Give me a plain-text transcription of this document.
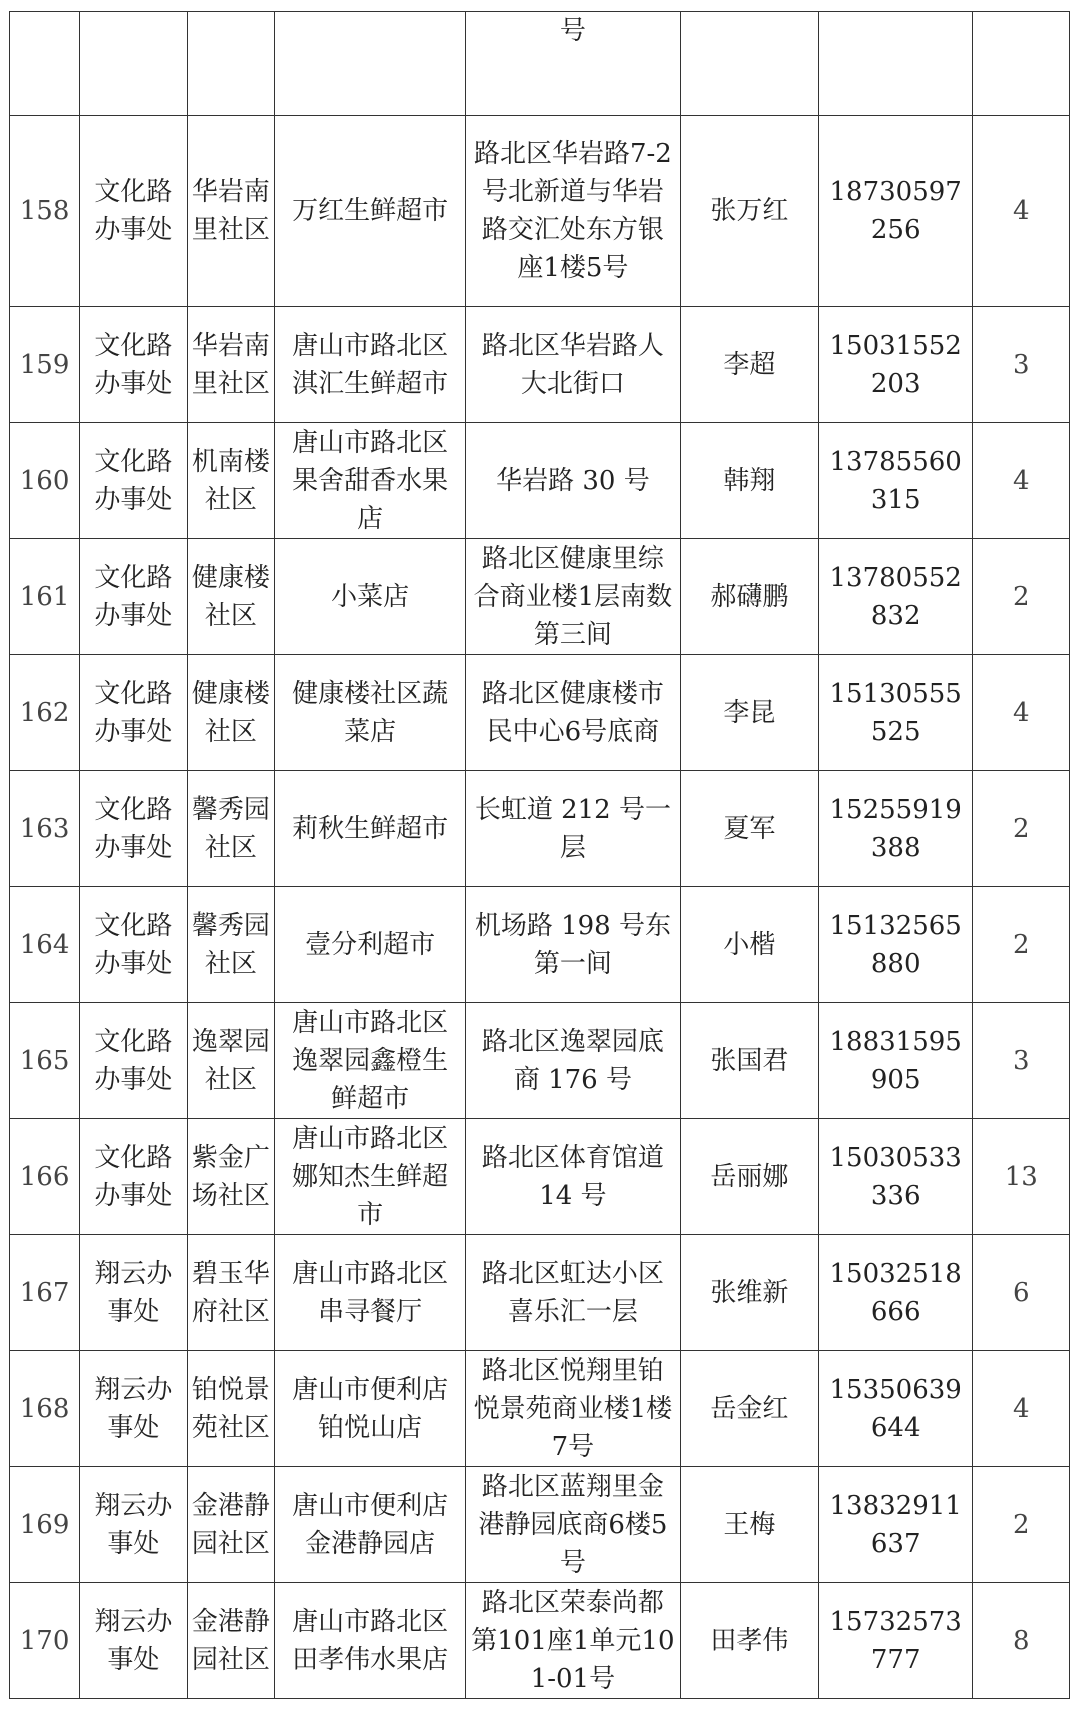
				号			
158	文化路办事处	华岩南里社区	万红生鲜超市	路北区华岩路7-2号北新道与华岩路交汇处东方银座1楼5号	张万红	18730597256	4
159	文化路办事处	华岩南里社区	唐山市路北区淇汇生鲜超市	路北区华岩路人大北街口	李超	15031552203	3
160	文化路办事处	机南楼社区	唐山市路北区果舍甜香水果店	华岩路 30 号	韩翔	13785560315	4
161	文化路办事处	健康楼社区	小菜店	路北区健康里综合商业楼1层南数第三间	郝礴鹏	13780552832	2
162	文化路办事处	健康楼社区	健康楼社区蔬菜店	路北区健康楼市民中心6号底商	李昆	15130555525	4
163	文化路办事处	馨秀园社区	莉秋生鲜超市	长虹道 212 号一层	夏军	15255919388	2
164	文化路办事处	馨秀园社区	壹分利超市	机场路 198 号东第一间	小楷	15132565880	2
165	文化路办事处	逸翠园社区	唐山市路北区逸翠园鑫橙生鲜超市	路北区逸翠园底商 176 号	张国君	18831595905	3
166	文化路办事处	紫金广场社区	唐山市路北区娜知杰生鲜超市	路北区体育馆道 14 号	岳丽娜	15030533336	13
167	翔云办事处	碧玉华府社区	唐山市路北区串寻餐厅	路北区虹达小区喜乐汇一层	张维新	15032518666	6
168	翔云办事处	铂悦景苑社区	唐山市便利店铂悦山店	路北区悦翔里铂悦景苑商业楼1楼7号	岳金红	15350639644	4
169	翔云办事处	金港静园社区	唐山市便利店金港静园店	路北区蓝翔里金港静园底商6楼5号	王梅	13832911637	2
170	翔云办事处	金港静园社区	唐山市路北区田孝伟水果店	路北区荣泰尚都第101座1单元101-01号	田孝伟	15732573777	8
